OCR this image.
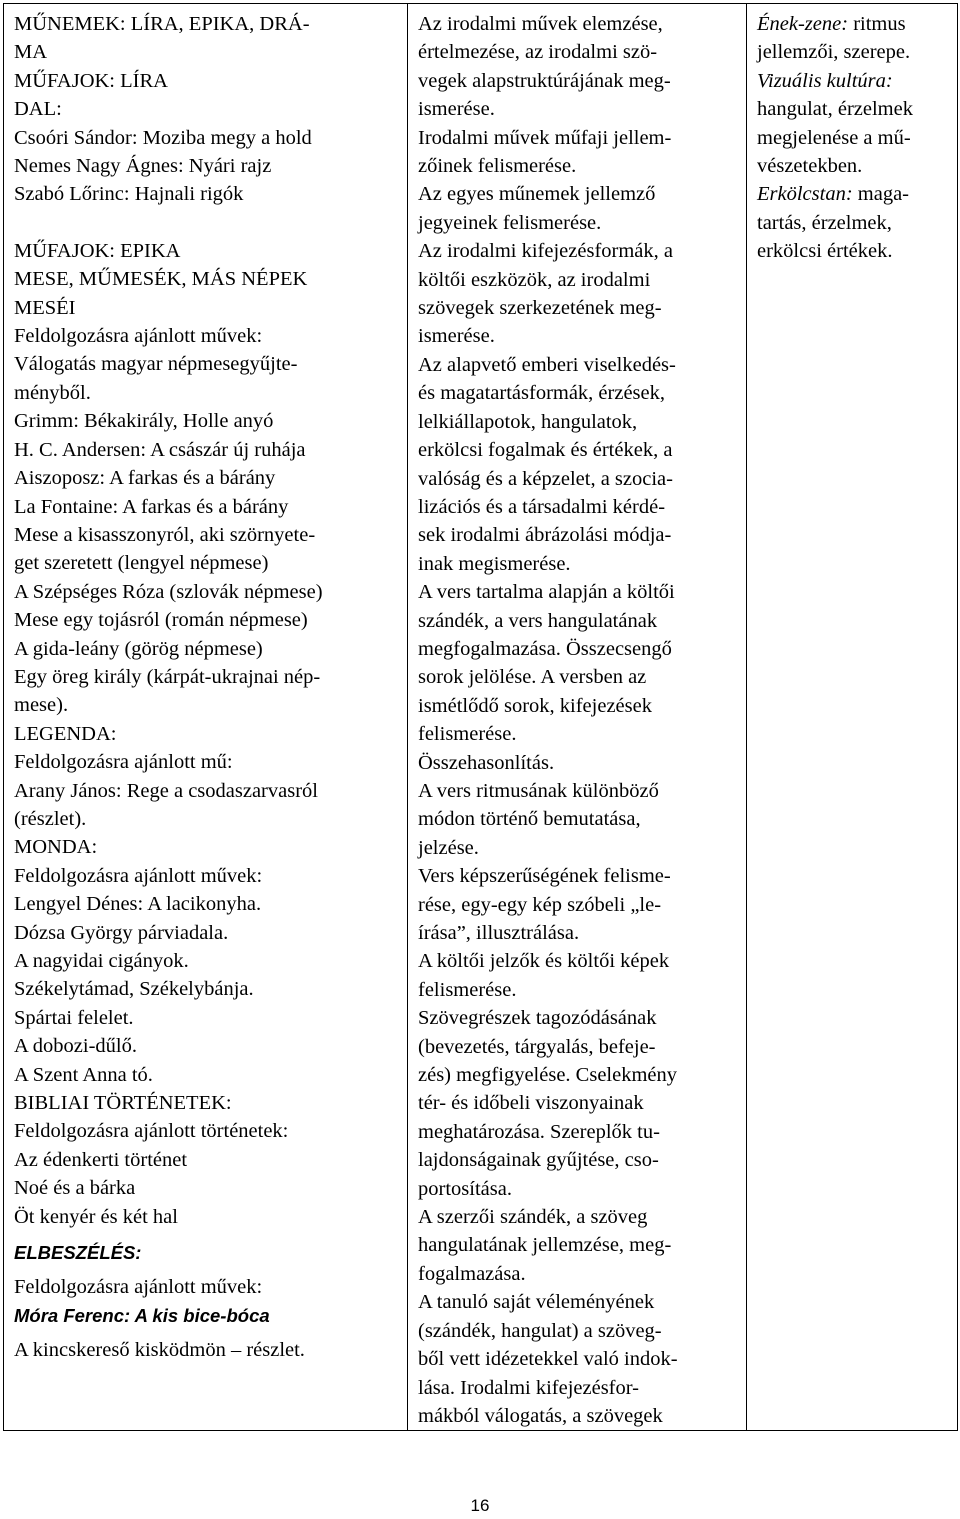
MŰNEMEK: LÍRA, EPIKA, DRÁ-
MA
MŰFAJOK: LÍRA
DAL:
Csoóri Sándor: Moziba megy a hold
Nemes Nagy Ágnes: Nyári rajz
Szabó Lőrinc: Hajnali rigók
MŰFAJOK: EPIKA
MESE, MŰMESÉK, MÁS NÉPEK
MESÉI
Feldolgozásra ajánlott művek:
Válogatás magyar népmesegyűjte-
ményből.
Grimm: Békakirály, Holle anyó
H. C. Andersen: A császár új ruhája
Aiszoposz: A farkas és a bárány
La Fontaine: A farkas és a bárány
Mese a kisasszonyról, aki szörnyete-
get szeretett (lengyel népmese)
A Szépséges Róza (szlovák népmese)
Mese egy tojásról (román népmese)
A gida-leány (görög népmese)
Egy öreg király (kárpát-ukrajnai nép-
mese).
LEGENDA:
Feldolgozásra ajánlott mű:
Arany János: Rege a csodaszarvasról
(részlet).
MONDA:
Feldolgozásra ajánlott művek:
Lengyel Dénes: A lacikonyha.
Dózsa György párviadala.
A nagyidai cigányok.
Székelytámad, Székelybánja.
Spártai felelet.
A dobozi-dűlő.
A Szent Anna tó.
BIBLIAI TÖRTÉNETEK:
Feldolgozásra ajánlott történetek:
Az édenkerti történet
Noé és a bárka
Öt kenyér és két hal
ELBESZÉLÉS:
Feldolgozásra ajánlott művek:
Móra Ferenc: A kis bice-bóca
A kincskereső kisködmön – részlet.

Az irodalmi művek elemzése,
értelmezése, az irodalmi szö-
vegek alapstruktúrájának meg-
ismerése.
Irodalmi művek műfaji jellem-
zőinek felismerése.
Az egyes műnemek jellemző
jegyeinek felismerése.
Az irodalmi kifejezésformák, a
költői eszközök, az irodalmi
szövegek szerkezetének meg-
ismerése.
Az alapvető emberi viselkedés-
és magatartásformák, érzések,
lelkiállapotok, hangulatok,
erkölcsi fogalmak és értékek, a
valóság és a képzelet, a szocia-
lizációs és a társadalmi kérdé-
sek irodalmi ábrázolási módja-
inak megismerése.
A vers tartalma alapján a költői
szándék, a vers hangulatának
megfogalmazása. Összecsengő
sorok jelölése. A versben az
ismétlődő sorok, kifejezések
felismerése.
Összehasonlítás.
A vers ritmusának különböző
módon történő bemutatása,
jelzése.
Vers képszerűségének felisme-
rése, egy-egy kép szóbeli „le-
írása”, illusztrálása.
A költői jelzők és költői képek
felismerése.
Szövegrészek tagozódásának
(bevezetés, tárgyalás, befeje-
zés) megfigyelése. Cselekmény
tér- és időbeli viszonyainak
meghatározása. Szereplők tu-
lajdonságainak gyűjtése, cso-
portosítása.
A szerzői szándék, a szöveg
hangulatának jellemzése, meg-
fogalmazása.
A tanuló saját véleményének
(szándék, hangulat) a szöveg-
ből vett idézetekkel való indok-
lása. Irodalmi kifejezésfor-
mákból válogatás, a szövegek

Ének-zene: ritmus
jellemzői, szerepe.
Vizuális kultúra:
hangulat, érzelmek
megjelenése a mű-
vészetekben.
Erkölcstan: maga-
tartás, érzelmek,
erkölcsi értékek.
16
